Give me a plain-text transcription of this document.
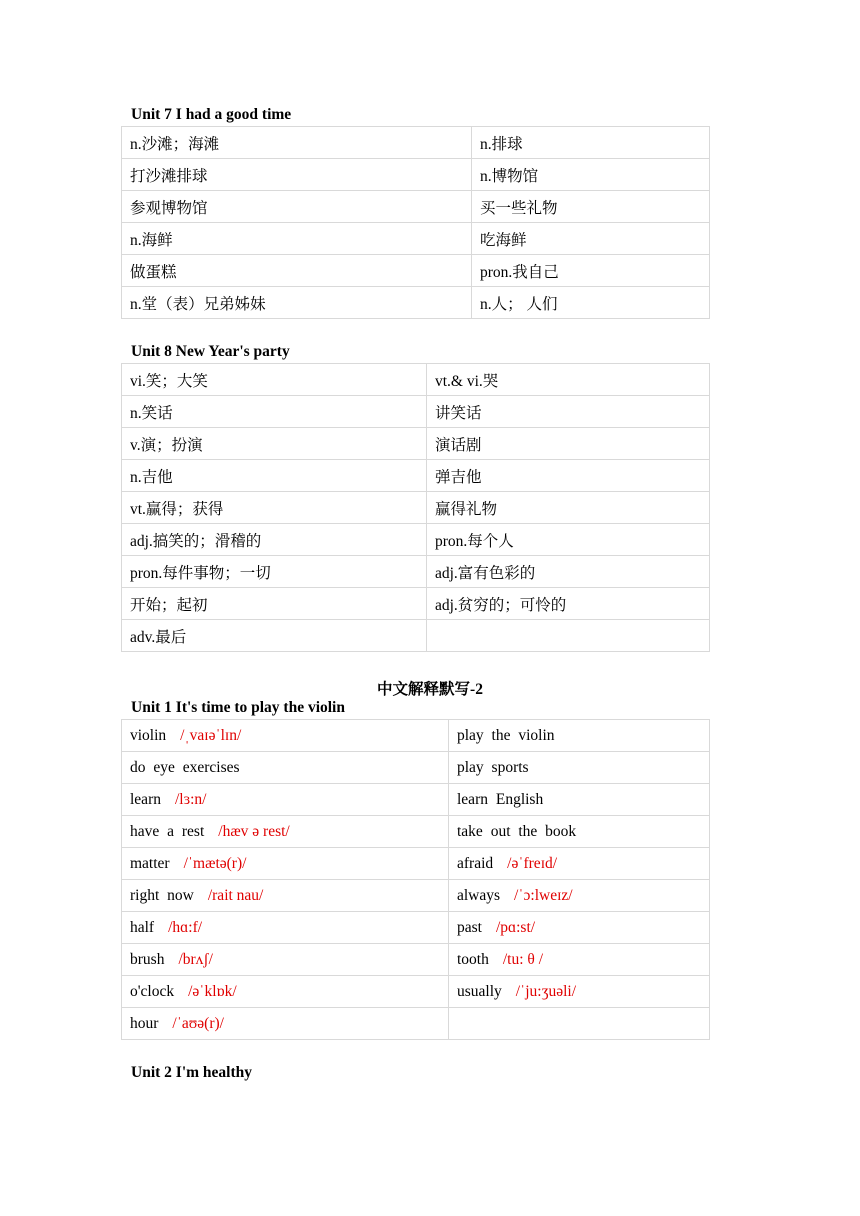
Unit 7 I had a good time
n.沙滩；海滩	n.排球
打沙滩排球	n.博物馆
参观博物馆	买一些礼物
n.海鲜	吃海鲜
做蛋糕	pron.我自己
n.堂（表）兄弟姊妹	n.人； 人们
Unit 8 New Year's party
vi.笑；大笑	vt.& vi.哭
n.笑话	讲笑话
v.演；扮演	演话剧
n.吉他	弹吉他
vt.赢得；获得	赢得礼物
adj.搞笑的；滑稽的	pron.每个人
pron.每件事物；一切	adj.富有色彩的
开始；起初	adj.贫穷的；可怜的
adv.最后	
中文解释默写-2
Unit 1 It's time to play the violin
violin /ˌvaɪəˈlɪn/	play the violin
do eye exercises	play sports
learn /lɜ:n/	learn English
have a rest /hæv ə rest/	take out the book
matter /ˈmætə(r)/	afraid /əˈfreɪd/
right now /rait nau/	always /ˈɔ:lweɪz/
half /hɑ:f/	past /pɑ:st/
brush /brʌʃ/	tooth /tu: θ /
o'clock /əˈklɒk/	usually /ˈju:ʒuəli/
hour /ˈaʊə(r)/	
Unit 2 I'm healthy
